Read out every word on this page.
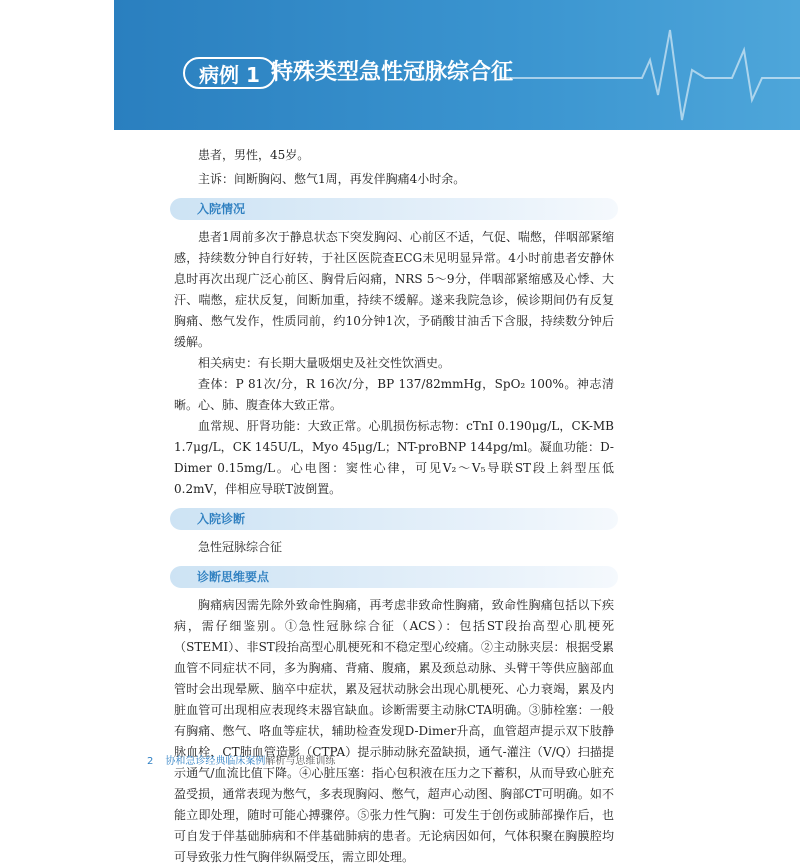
病例 1 特殊类型急性冠脉综合征
患者，男性，45岁。
主诉：间断胸闷、憋气1周，再发伴胸痛4小时余。
入院情况

患者1周前多次于静息状态下突发胸闷、心前区不适，气促、喘憋，伴咽部紧缩感，持续数分钟自行好转，于社区医院查ECG未见明显异常。4小时前患者安静休息时再次出现广泛心前区、胸骨后闷痛，NRS 5～9分，伴咽部紧缩感及心悸、大汗、喘憋，症状反复，间断加重，持续不缓解。遂来我院急诊，候诊期间仍有反复胸痛、憋气发作，性质同前，约10分钟1次，予硝酸甘油舌下含服，持续数分钟后缓解。

相关病史：有长期大量吸烟史及社交性饮酒史。

查体：P 81次/分，R 16次/分，BP 137/82mmHg，SpO₂ 100%。神志清晰。心、肺、腹查体大致正常。

血常规、肝肾功能：大致正常。心肌损伤标志物：cTnI 0.190μg/L，CK-MB 1.7μg/L，CK 145U/L，Myo 45μg/L；NT-proBNP 144pg/ml。凝血功能：D-Dimer 0.15mg/L。心电图：窦性心律，可见V₂～V₅导联ST段上斜型压低0.2mV，伴相应导联T波倒置。

入院诊断

急性冠脉综合征

诊断思维要点

胸痛病因需先除外致命性胸痛，再考虑非致命性胸痛，致命性胸痛包括以下疾病，需仔细鉴别。①急性冠脉综合征（ACS）：包括ST段抬高型心肌梗死（STEMI）、非ST段抬高型心肌梗死和不稳定型心绞痛。②主动脉夹层：根据受累血管不同症状不同，多为胸痛、背痛、腹痛，累及颈总动脉、头臂干等供应脑部血管时会出现晕厥、脑卒中症状，累及冠状动脉会出现心肌梗死、心力衰竭，累及内脏血管可出现相应表现终末器官缺血。诊断需要主动脉CTA明确。③肺栓塞：一般有胸痛、憋气、咯血等症状，辅助检查发现D-Dimer升高，血管超声提示双下肢静脉血栓，CT肺血管造影（CTPA）提示肺动脉充盈缺损，通气-灌注（V/Q）扫描提示通气/血流比值下降。④心脏压塞：指心包积液在压力之下蓄积，从而导致心脏充盈受损，通常表现为憋气，多表现胸闷、憋气，超声心动图、胸部CT可明确。如不能立即处理，随时可能心搏骤停。⑤张力性气胸：可发生于创伤或肺部操作后，也可自发于伴基础肺病和不伴基础肺病的患者。无论病因如何，气体积聚在胸膜腔均可导致张力性气胸伴纵隔受压，需立即处理。

2 协和急诊经典临床案例解析与思维训练
